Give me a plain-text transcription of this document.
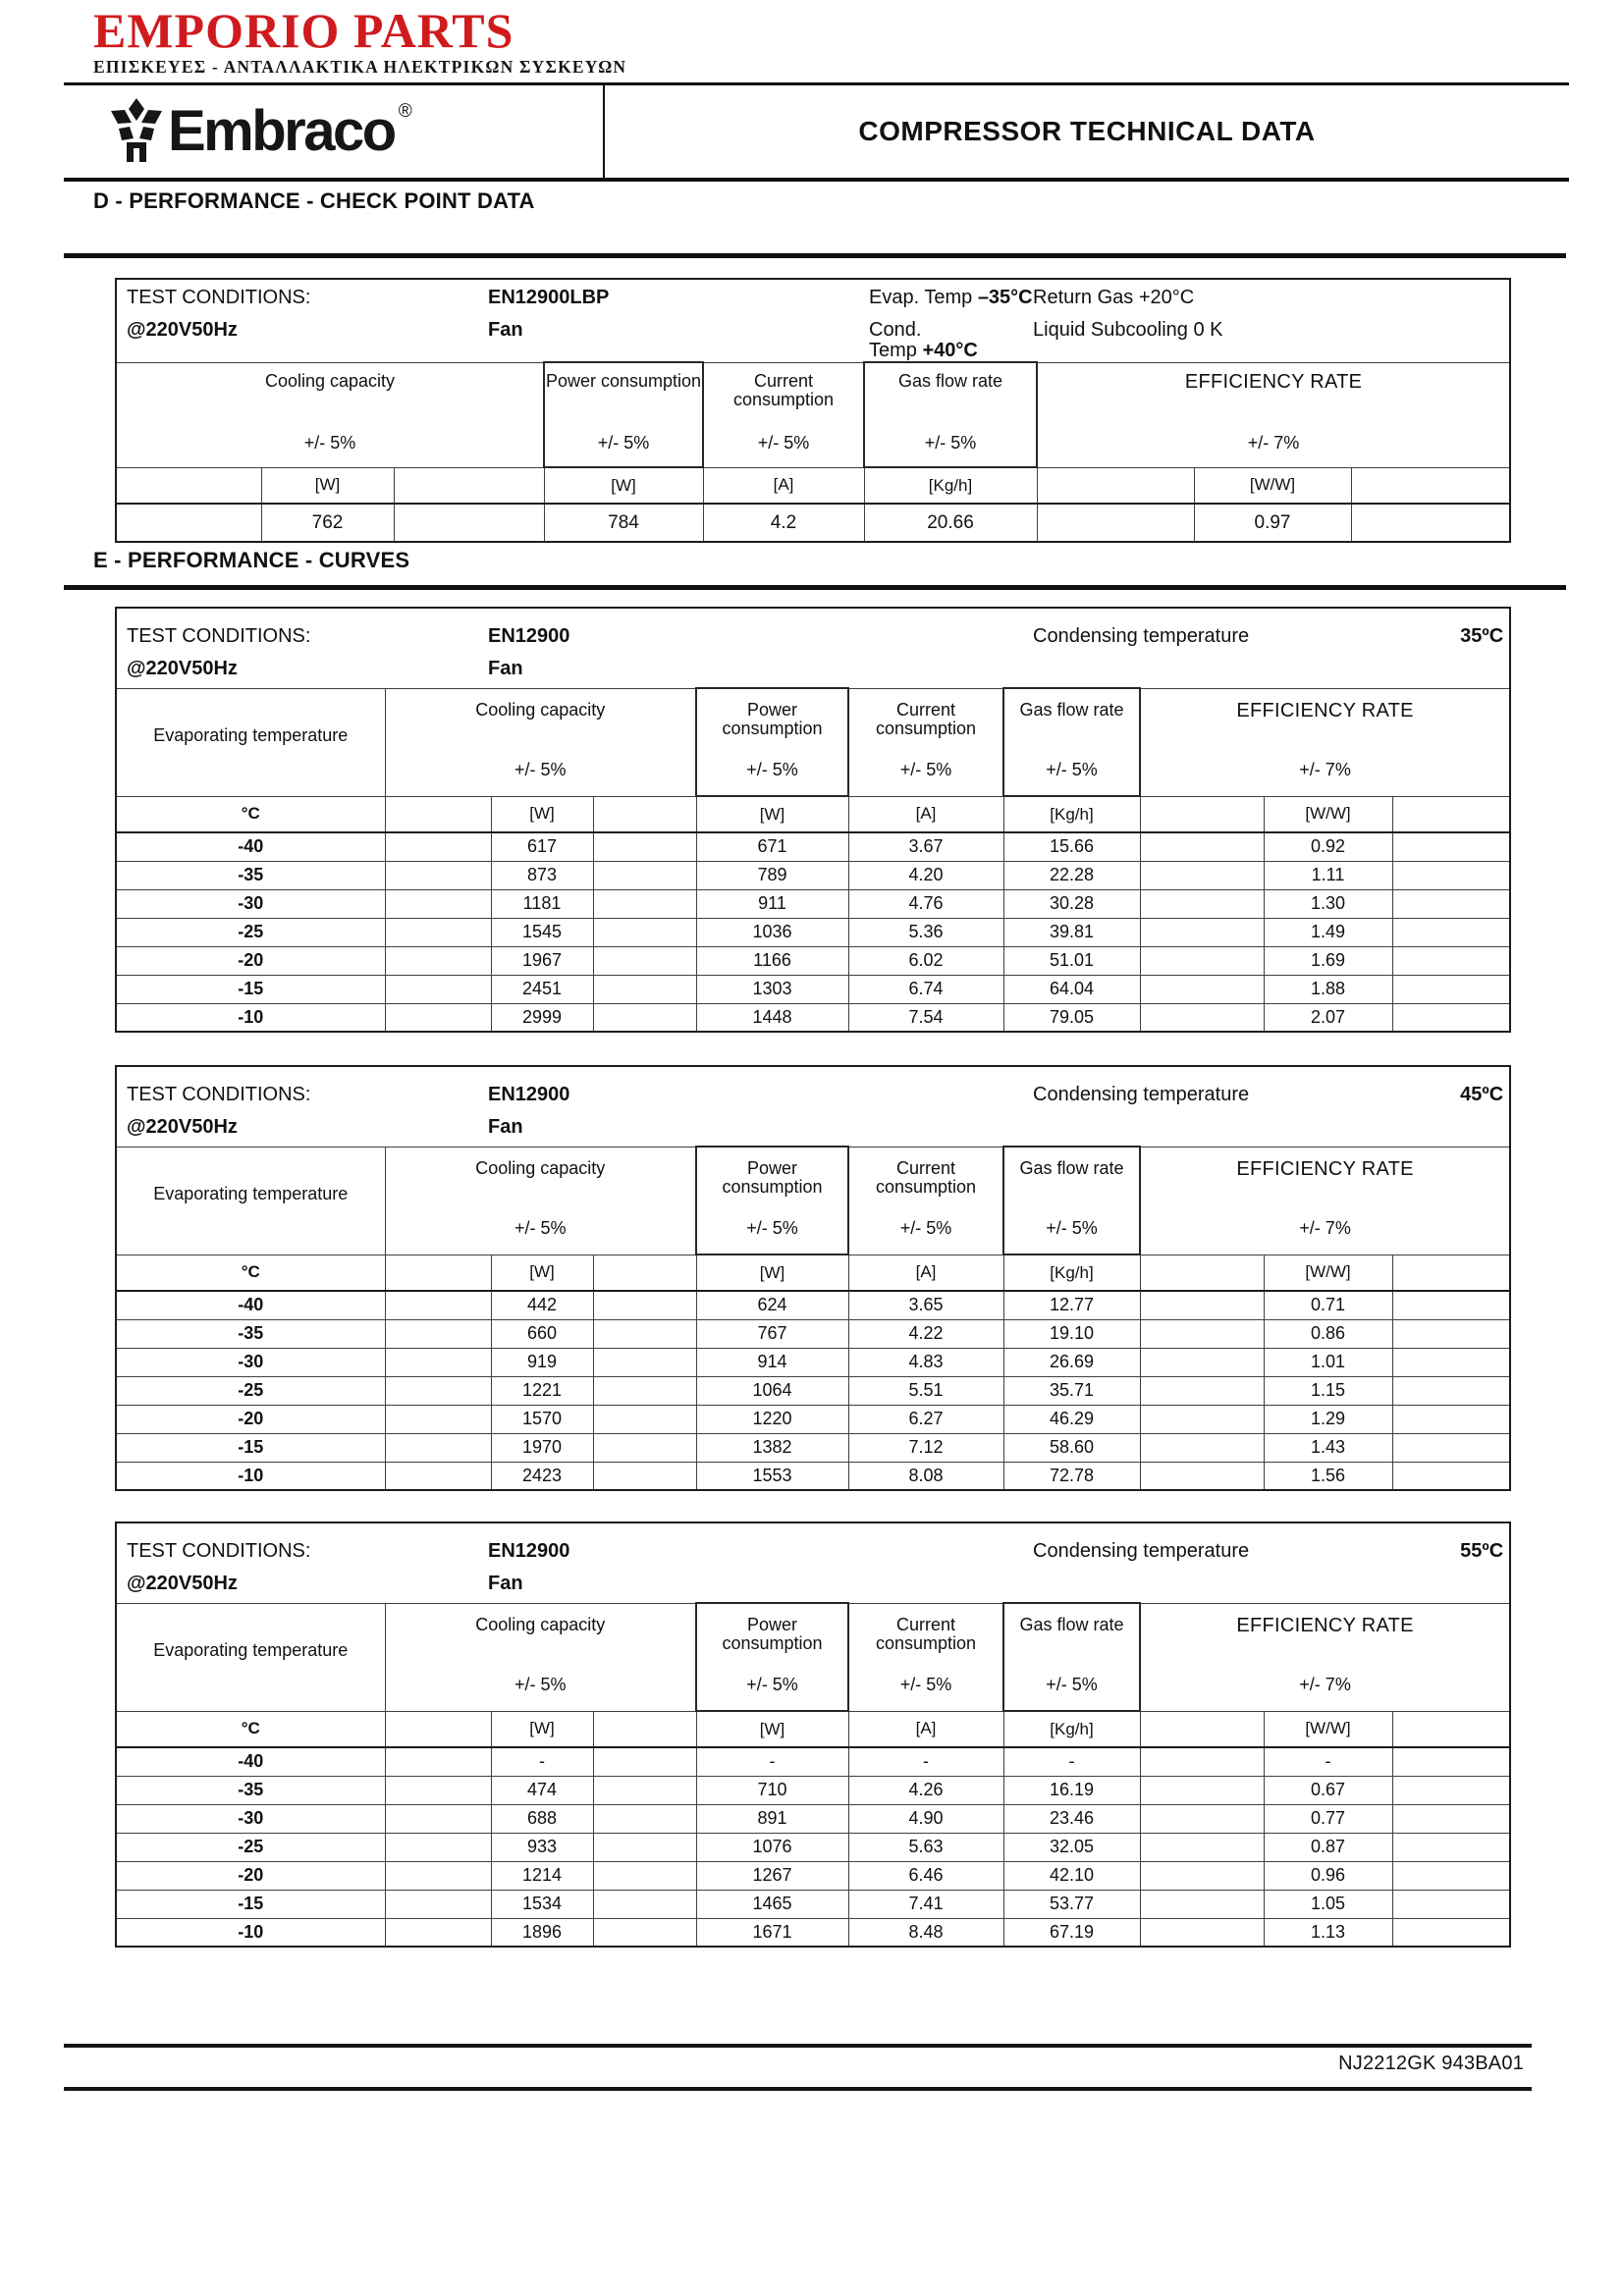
EMPORIO PARTS
ΕΠΙΣΚΕΥΕΣ - ΑΝΤΑΛΛΑΚΤΙΚΑ ΗΛΕΚΤΡΙΚΩΝ ΣΥΣΚΕΥΩΝ
Embraco ®
COMPRESSOR TECHNICAL DATA
D - PERFORMANCE - CHECK POINT DATA
TEST CONDITIONS:	EN12900LBP	Evap. Temp –35°C Return Gas +20°C
@220V50Hz	Fan	Cond. Temp +40°C
Liquid Subcooling 0 K

Cooling capacity
+/- 5%			Power consumption
+/- 5%	Current consumption
+/- 5%	Gas flow rate
+/- 5%	EFFICIENCY RATE
+/- 7%		

	[W]		[W]	[A]	[Kg/h]		[W/W]	
	762		784	4.2	20.66		0.97	
E - PERFORMANCE - CURVES
TEST CONDITIONS:	EN12900	Condensing temperature	35ºC
@220V50Hz	Fan

Evaporating temperature	Cooling capacity
+/- 5%			Power consumption
+/- 5%	Current consumption
+/- 5%	Gas flow rate
+/- 5%	EFFICIENCY RATE
+/- 7%		

°C		[W]		[W]	[A]	[Kg/h]		[W/W]	
-40		617		671	3.67	15.66		0.92	
-35		873		789	4.20	22.28		1.11	
-30		1181		911	4.76	30.28		1.30	
-25		1545		1036	5.36	39.81		1.49	
-20		1967		1166	6.02	51.01		1.69	
-15		2451		1303	6.74	64.04		1.88	
-10		2999		1448	7.54	79.05		2.07	
TEST CONDITIONS:	EN12900	Condensing temperature	45ºC
@220V50Hz	Fan

Evaporating temperature	Cooling capacity
+/- 5%			Power consumption
+/- 5%	Current consumption
+/- 5%	Gas flow rate
+/- 5%	EFFICIENCY RATE
+/- 7%		

°C		[W]		[W]	[A]	[Kg/h]		[W/W]	
-40		442		624	3.65	12.77		0.71	
-35		660		767	4.22	19.10		0.86	
-30		919		914	4.83	26.69		1.01	
-25		1221		1064	5.51	35.71		1.15	
-20		1570		1220	6.27	46.29		1.29	
-15		1970		1382	7.12	58.60		1.43	
-10		2423		1553	8.08	72.78		1.56	
TEST CONDITIONS:	EN12900	Condensing temperature	55ºC
@220V50Hz	Fan

Evaporating temperature	Cooling capacity
+/- 5%			Power consumption
+/- 5%	Current consumption
+/- 5%	Gas flow rate
+/- 5%	EFFICIENCY RATE
+/- 7%		

°C		[W]		[W]	[A]	[Kg/h]		[W/W]	
-40		-		-	-	-		-	
-35		474		710	4.26	16.19		0.67	
-30		688		891	4.90	23.46		0.77	
-25		933		1076	5.63	32.05		0.87	
-20		1214		1267	6.46	42.10		0.96	
-15		1534		1465	7.41	53.77		1.05	
-10		1896		1671	8.48	67.19		1.13	
NJ2212GK 943BA01
